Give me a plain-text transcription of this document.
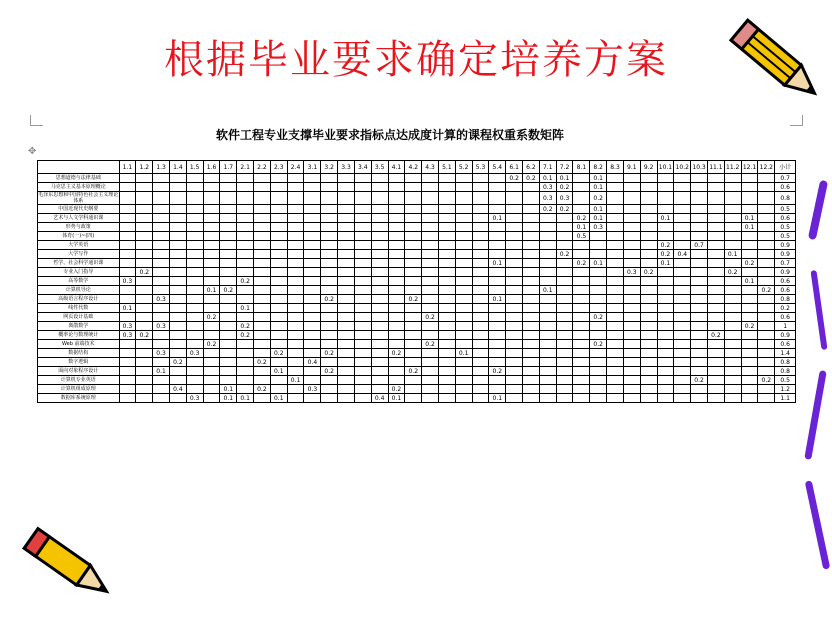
根据毕业要求确定培养方案
✥
软件工程专业支撑毕业要求指标点达成度计算的课程权重系数矩阵
	1.1	1.2	1.3	1.4	1.5	1.6	1.7	2.1	2.2	2.3	2.4	3.1	3.2	3.3	3.4	3.5	4.1	4.2	4.3	5.1	5.2	5.3	5.4	6.1	6.2	7.1	7.2	8.1	8.2	8.3	9.1	9.2	10.1	10.2	10.3	11.1	11.2	12.1	12.2	小计
思想道德与法律基础																								0.2	0.2	0.1	0.1		0.1											0.7
马克思主义基本原理概论																										0.3	0.2		0.1											0.6
毛泽东思想和中国特色社会主义理论体系																										0.3	0.3		0.2											0.8
中国近现代史纲要																										0.2	0.2		0.1											0.5
艺术与人文学科通识课																							0.1					0.2	0.1				0.1					0.1		0.6
形势与政策																												0.1	0.3									0.1		0.5
体育(一)~(四)																												0.5												0.5
大学英语																																	0.2		0.7					0.9
大学写作																											0.2						0.2	0.4			0.1			0.9
哲学、社会科学通识课																							0.1					0.2	0.1				0.1					0.2		0.7
专业入门指导		0.2																													0.3	0.2					0.2			0.9
高等数学	0.3							0.2																														0.1		0.6
计算机导论						0.1	0.2																			0.1													0.2	0.6
高级语言程序设计			0.3										0.2					0.2					0.1																	0.8
线性代数	0.1							0.1																																0.2
网页设计基础						0.2													0.2										0.2											0.6
离散数学	0.3		0.3					0.2																														0.2		1
概率论与数理统计	0.3	0.2						0.2																												0.2				0.9
Web 前端技术						0.2													0.2										0.2											0.6
数据结构			0.3		0.3					0.2			0.2				0.2				0.1																			1.4
数字逻辑				0.2					0.2			0.4																												0.8
面向对象程序设计			0.1							0.1			0.2					0.2					0.2																	0.8
计算机专业英语											0.1																								0.2				0.2	0.5
计算机组成原理				0.4			0.1		0.2			0.3					0.2																							1.2
数据库系统原理					0.3		0.1	0.1		0.1						0.4	0.1						0.1																	1.1
